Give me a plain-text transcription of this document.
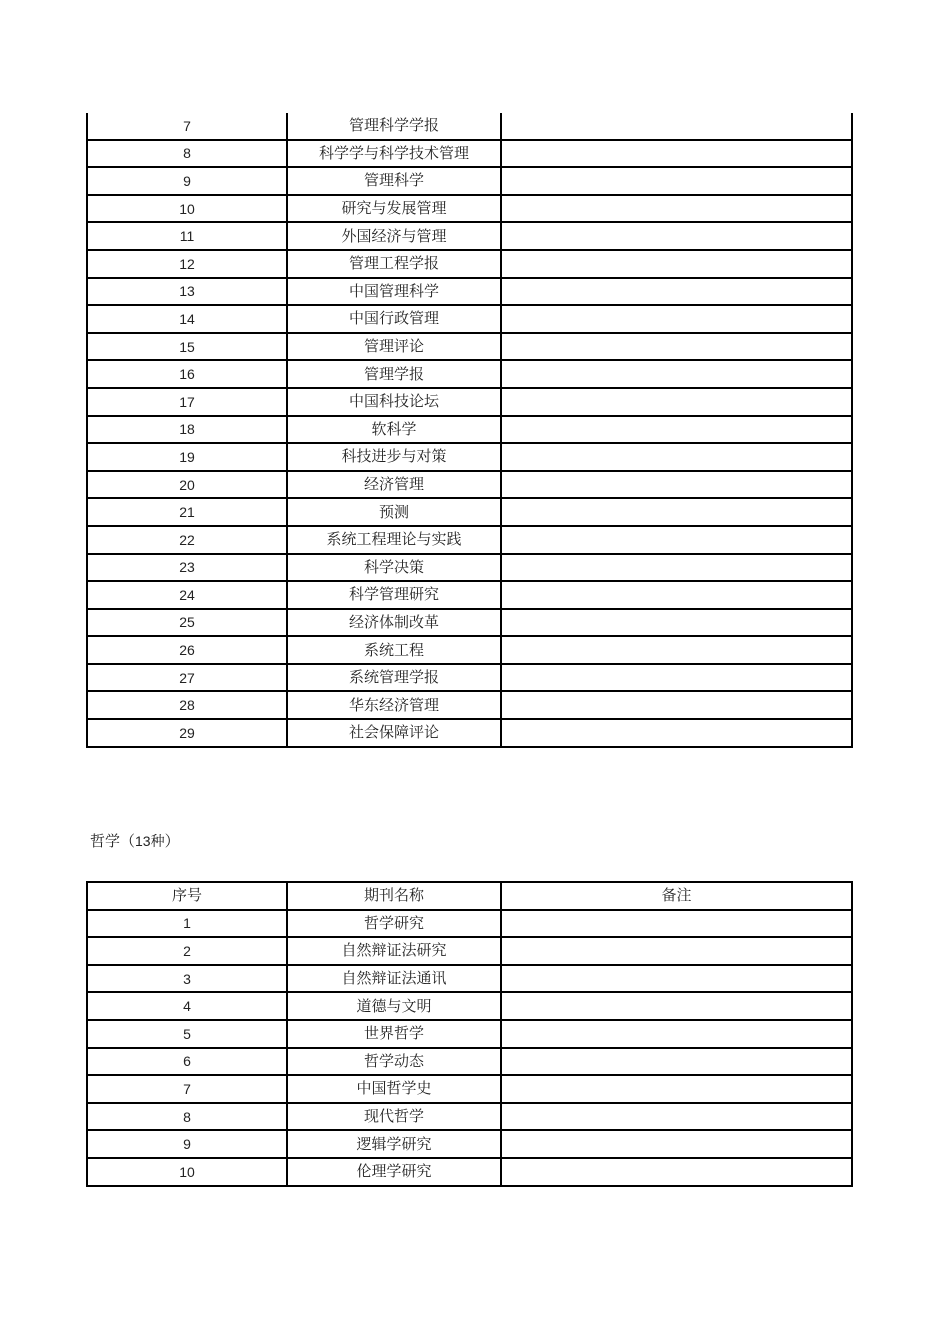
7	管理科学学报	
8	科学学与科学技术管理	
9	管理科学	
10	研究与发展管理	
11	外国经济与管理	
12	管理工程学报	
13	中国管理科学	
14	中国行政管理	
15	管理评论	
16	管理学报	
17	中国科技论坛	
18	软科学	
19	科技进步与对策	
20	经济管理	
21	预测	
22	系统工程理论与实践	
23	科学决策	
24	科学管理研究	
25	经济体制改革	
26	系统工程	
27	系统管理学报	
28	华东经济管理	
29	社会保障评论	
哲学（13种）
序号	期刊名称	备注
1	哲学研究	
2	自然辩证法研究	
3	自然辩证法通讯	
4	道德与文明	
5	世界哲学	
6	哲学动态	
7	中国哲学史	
8	现代哲学	
9	逻辑学研究	
10	伦理学研究	
